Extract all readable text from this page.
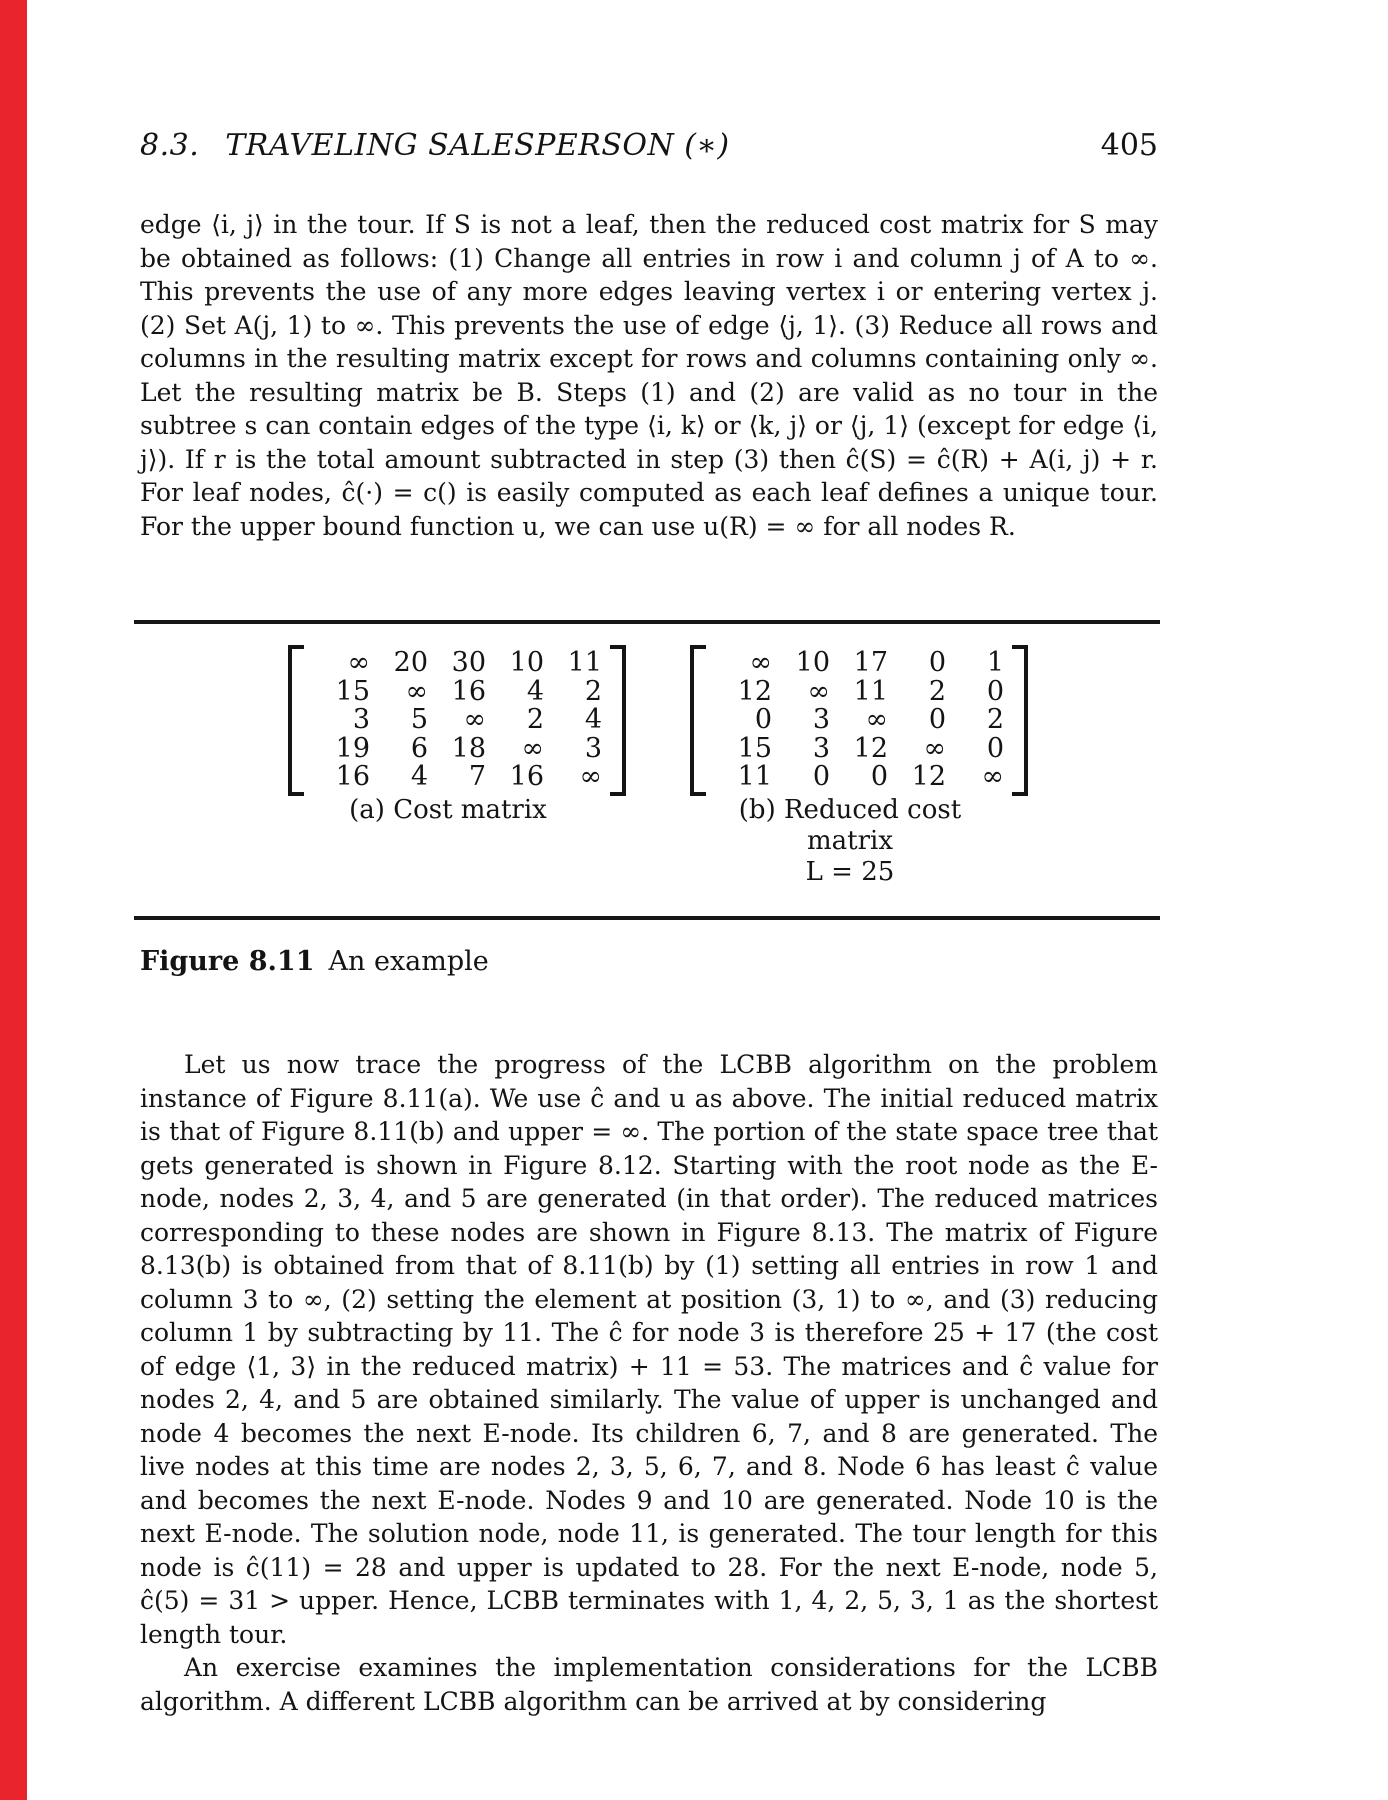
8.3. TRAVELING SALESPERSON (∗)	405

edge ⟨i, j⟩ in the tour. If S is not a leaf, then the reduced cost matrix for S may be obtained as follows: (1) Change all entries in row i and column j of A to ∞. This prevents the use of any more edges leaving vertex i or entering vertex j. (2) Set A(j, 1) to ∞. This prevents the use of edge ⟨j, 1⟩. (3) Reduce all rows and columns in the resulting matrix except for rows and columns containing only ∞. Let the resulting matrix be B. Steps (1) and (2) are valid as no tour in the subtree s can contain edges of the type ⟨i, k⟩ or ⟨k, j⟩ or ⟨j, 1⟩ (except for edge ⟨i, j⟩). If r is the total amount subtracted in step (3) then ĉ(S) = ĉ(R) + A(i, j) + r. For leaf nodes, ĉ(·) = c() is easily computed as each leaf defines a unique tour. For the upper bound function u, we can use u(R) = ∞ for all nodes R.

∞ 20 30 10 11
15	∞ 16	4	2
3	5	∞	2	4
19	6 18	∞	3
16	4	7 16	∞
(a) Cost matrix
∞ 10 17	0	1
12	∞ 11	2	0
0	3	∞	0	2
15	3 12	∞	0
11	0	0 12	∞
(b) Reduced cost
matrix
L = 25
Figure 8.11 An example

Let us now trace the progress of the LCBB algorithm on the problem instance of Figure 8.11(a). We use ĉ and u as above. The initial reduced matrix is that of Figure 8.11(b) and upper = ∞. The portion of the state space tree that gets generated is shown in Figure 8.12. Starting with the root node as the E-node, nodes 2, 3, 4, and 5 are generated (in that order). The reduced matrices corresponding to these nodes are shown in Figure 8.13. The matrix of Figure 8.13(b) is obtained from that of 8.11(b) by (1) setting all entries in row 1 and column 3 to ∞, (2) setting the element at position (3, 1) to ∞, and (3) reducing column 1 by subtracting by 11. The ĉ for node 3 is therefore 25 + 17 (the cost of edge ⟨1, 3⟩ in the reduced matrix) + 11 = 53. The matrices and ĉ value for nodes 2, 4, and 5 are obtained similarly. The value of upper is unchanged and node 4 becomes the next E-node. Its children 6, 7, and 8 are generated. The live nodes at this time are nodes 2, 3, 5, 6, 7, and 8. Node 6 has least ĉ value and becomes the next E-node. Nodes 9 and 10 are generated. Node 10 is the next E-node. The solution node, node 11, is generated. The tour length for this node is ĉ(11) = 28 and upper is updated to 28. For the next E-node, node 5, ĉ(5) = 31 > upper. Hence, LCBB terminates with 1, 4, 2, 5, 3, 1 as the shortest length tour.

An exercise examines the implementation considerations for the LCBB algorithm. A different LCBB algorithm can be arrived at by considering
